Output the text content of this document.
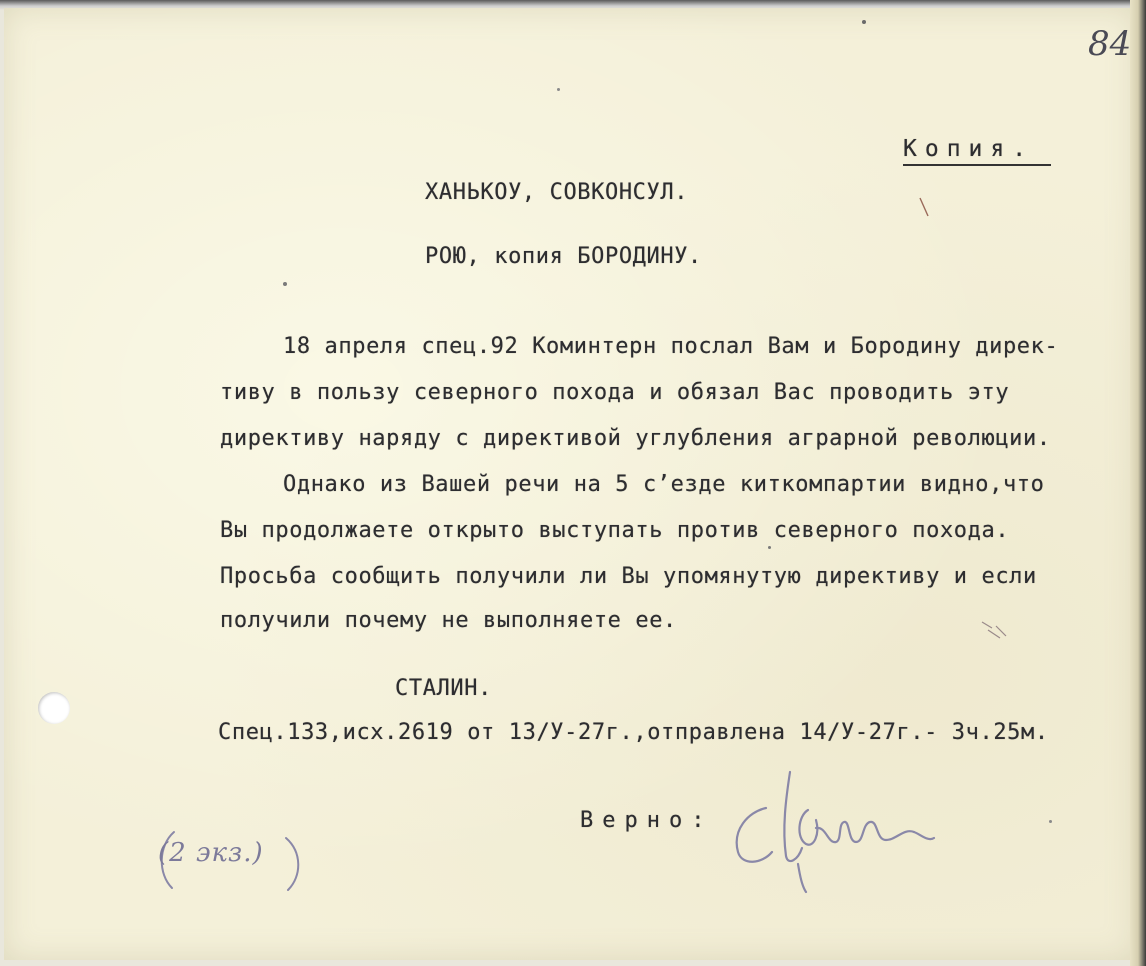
84
Копия.
ХАНЬКОУ, СОВКОНСУЛ.
РОЮ, копия БОРОДИНУ.
18 апреля спец.92 Коминтерн послал Вам и Бородину дирек-
тиву в пользу северного похода и обязал Вас проводить эту
директиву наряду с директивой углубления аграрной революции.
Однако из Вашей речи на 5 с’езде киткомпартии видно,что
Вы продолжаете открыто выступать против северного похода.
Просьба сообщить получили ли Вы упомянутую директиву и если
получили почему не выполняете ее.
СТАЛИН.
Спец.133,исх.2619 от 13/У-27г.,отправлена 14/У-27г.- 3ч.25м.
Верно:
(2 экз.)
